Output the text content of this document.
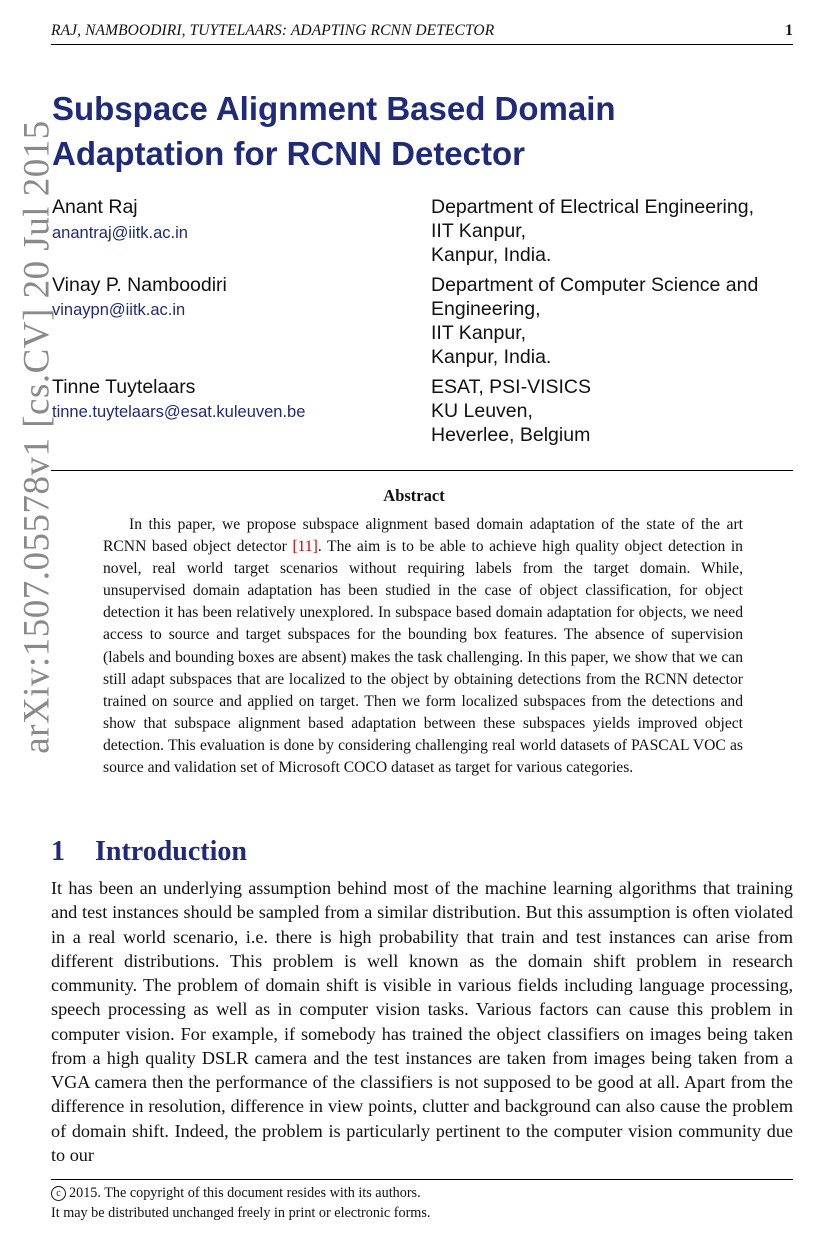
RAJ, NAMBOODIRI, TUYTELAARS: ADAPTING RCNN DETECTOR	1
arXiv:1507.05578v1 [cs.CV] 20 Jul 2015
Subspace Alignment Based Domain
Adaptation for RCNN Detector
Anant Raj
anantraj@iitk.ac.in
Department of Electrical Engineering,
IIT Kanpur,
Kanpur, India.
Vinay P. Namboodiri
vinaypn@iitk.ac.in
Department of Computer Science and
Engineering,
IIT Kanpur,
Kanpur, India.
Tinne Tuytelaars
tinne.tuytelaars@esat.kuleuven.be
ESAT, PSI-VISICS
KU Leuven,
Heverlee, Belgium
Abstract

In this paper, we propose subspace alignment based domain adaptation of the state of the art RCNN based object detector [11]. The aim is to be able to achieve high quality object detection in novel, real world target scenarios without requiring labels from the target domain. While, unsupervised domain adaptation has been studied in the case of object classification, for object detection it has been relatively unexplored. In subspace based domain adaptation for objects, we need access to source and target subspaces for the bounding box features. The absence of supervision (labels and bounding boxes are absent) makes the task challenging. In this paper, we show that we can still adapt subspaces that are localized to the object by obtaining detections from the RCNN detector trained on source and applied on target. Then we form localized subspaces from the detections and show that subspace alignment based adaptation between these subspaces yields improved object detection. This evaluation is done by considering challenging real world datasets of PASCAL VOC as source and validation set of Microsoft COCO dataset as target for various categories.

1 Introduction

It has been an underlying assumption behind most of the machine learning algorithms that training and test instances should be sampled from a similar distribution. But this assumption is often violated in a real world scenario, i.e. there is high probability that train and test instances can arise from different distributions. This problem is well known as the domain shift problem in research community. The problem of domain shift is visible in various fields including language processing, speech processing as well as in computer vision tasks. Various factors can cause this problem in computer vision. For example, if somebody has trained the object classifiers on images being taken from a high quality DSLR camera and the test instances are taken from images being taken from a VGA camera then the performance of the classifiers is not supposed to be good at all. Apart from the difference in resolution, difference in view points, clutter and background can also cause the problem of domain shift. Indeed, the problem is particularly pertinent to the computer vision community due to our

c 2015. The copyright of this document resides with its authors.
It may be distributed unchanged freely in print or electronic forms.
